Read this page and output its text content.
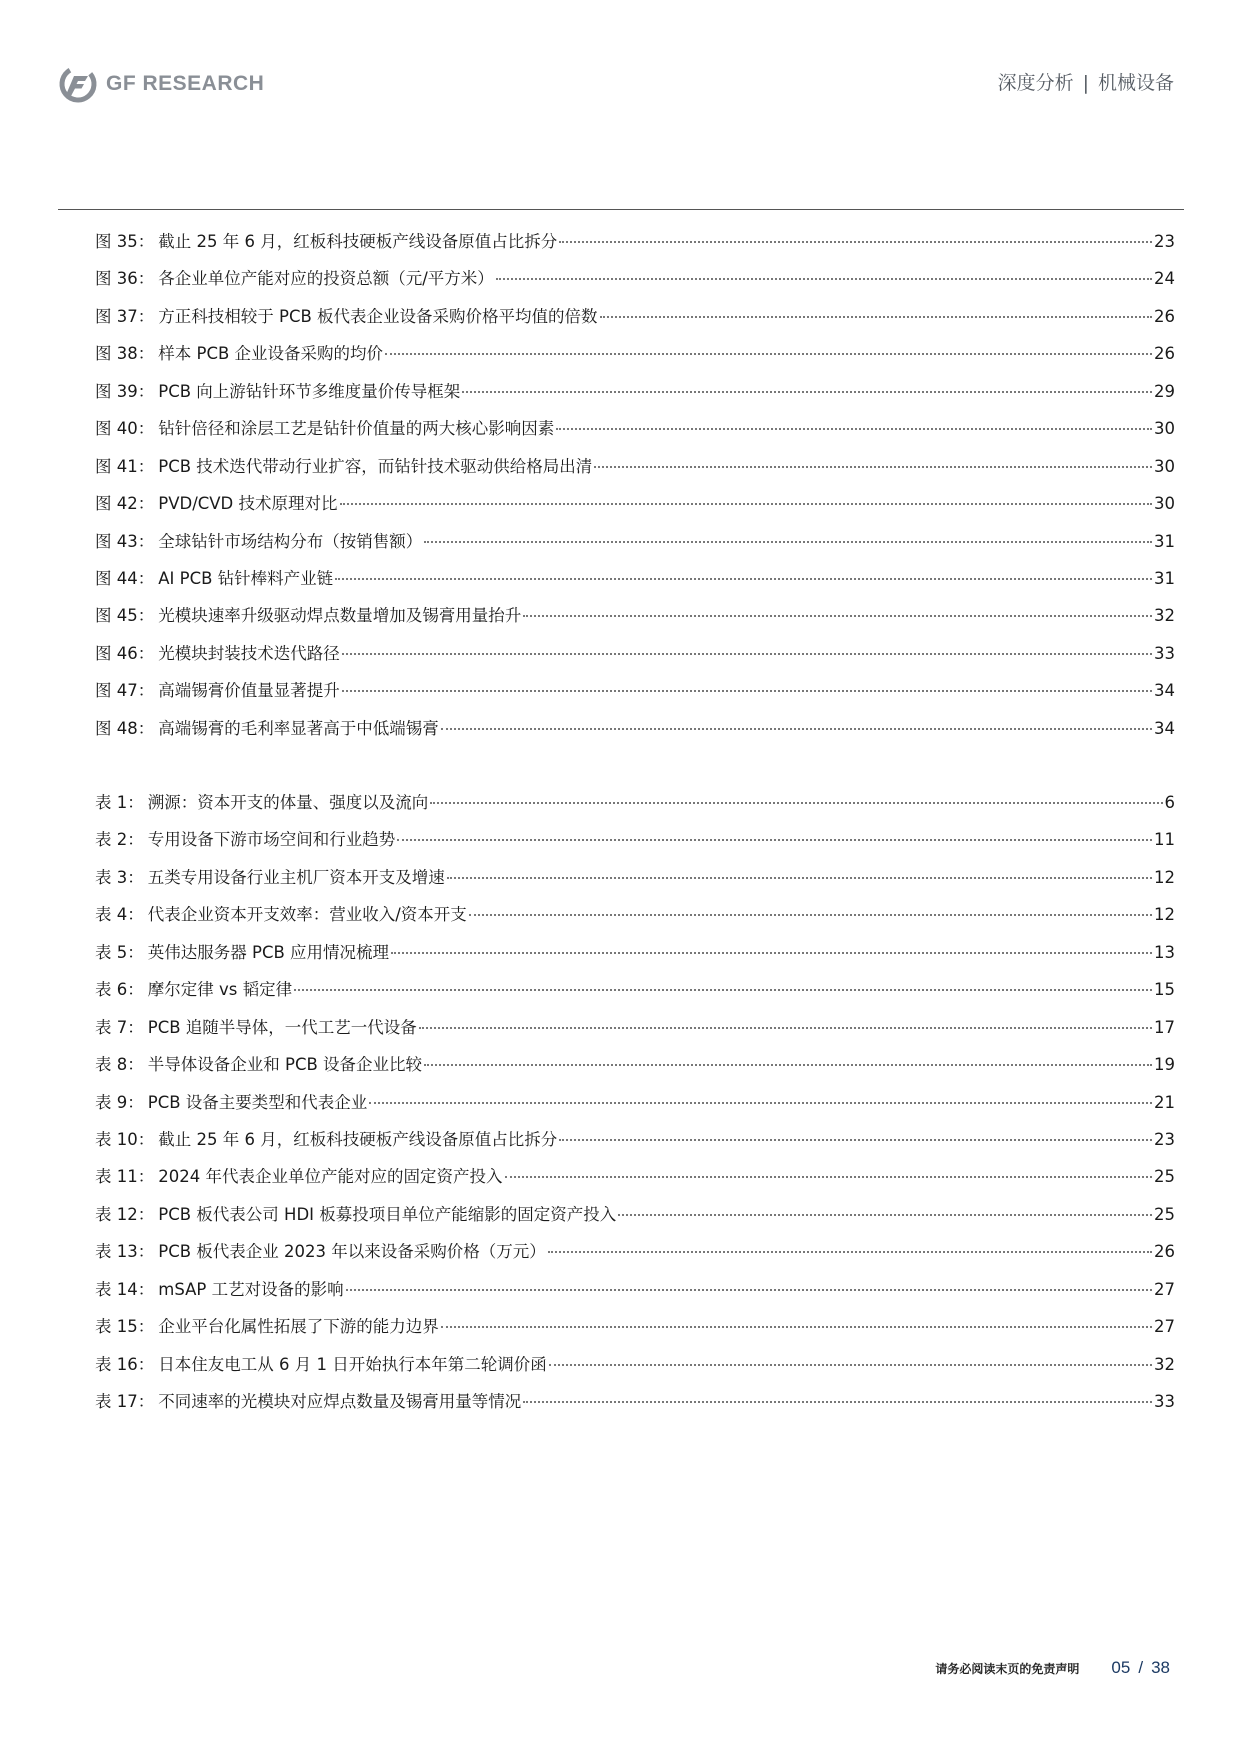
GF RESEARCH	深度分析 | 机械设备
图 35： 截止 25 年 6 月，红板科技硬板产线设备原值占比拆分	23
图 36： 各企业单位产能对应的投资总额（元/平方米）	24
图 37： 方正科技相较于 PCB 板代表企业设备采购价格平均值的倍数	26
图 38： 样本 PCB 企业设备采购的均价	26
图 39： PCB 向上游钻针环节多维度量价传导框架	29
图 40： 钻针倍径和涂层工艺是钻针价值量的两大核心影响因素	30
图 41： PCB 技术迭代带动行业扩容，而钻针技术驱动供给格局出清	30
图 42： PVD/CVD 技术原理对比	30
图 43： 全球钻针市场结构分布（按销售额）	31
图 44： AI PCB 钻针棒料产业链	31
图 45： 光模块速率升级驱动焊点数量增加及锡膏用量抬升	32
图 46： 光模块封装技术迭代路径	33
图 47： 高端锡膏价值量显著提升	34
图 48： 高端锡膏的毛利率显著高于中低端锡膏	34
表 1： 溯源：资本开支的体量、强度以及流向	6
表 2： 专用设备下游市场空间和行业趋势	11
表 3： 五类专用设备行业主机厂资本开支及增速	12
表 4： 代表企业资本开支效率：营业收入/资本开支	12
表 5： 英伟达服务器 PCB 应用情况梳理	13
表 6： 摩尔定律 vs 韬定律	15
表 7： PCB 追随半导体，一代工艺一代设备	17
表 8： 半导体设备企业和 PCB 设备企业比较	19
表 9： PCB 设备主要类型和代表企业	21
表 10： 截止 25 年 6 月，红板科技硬板产线设备原值占比拆分	23
表 11： 2024 年代表企业单位产能对应的固定资产投入	25
表 12： PCB 板代表公司 HDI 板募投项目单位产能缩影的固定资产投入	25
表 13： PCB 板代表企业 2023 年以来设备采购价格（万元）	26
表 14： mSAP 工艺对设备的影响	27
表 15： 企业平台化属性拓展了下游的能力边界	27
表 16： 日本住友电工从 6 月 1 日开始执行本年第二轮调价函	32
表 17： 不同速率的光模块对应焊点数量及锡膏用量等情况	33
请务必阅读末页的免责声明 05 / 38
